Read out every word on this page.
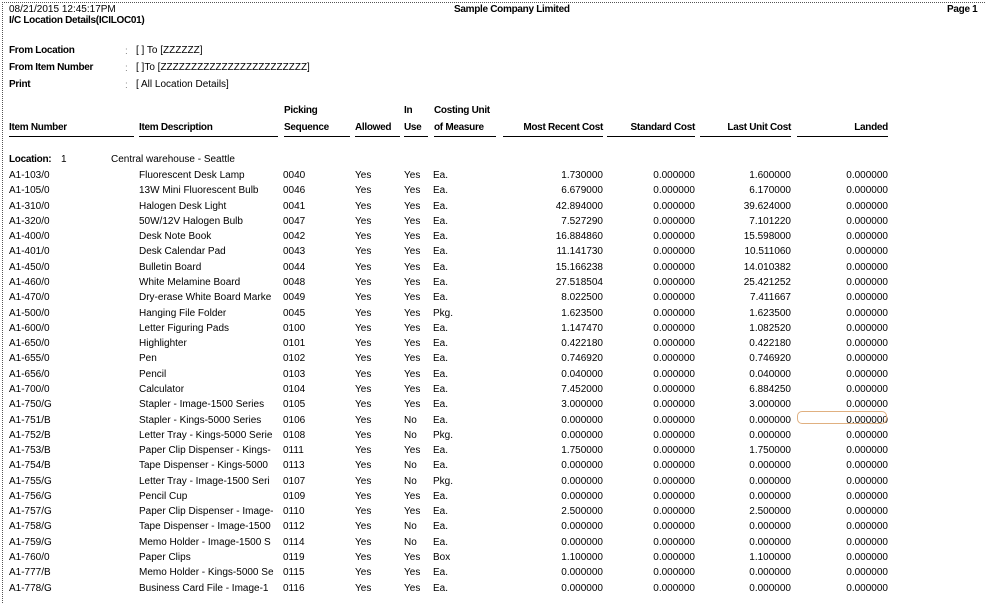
08/21/2015 12:45:17PM
I/C Location Details(ICILOC01)
Sample Company Limited	Page 1
From Location	: [ ] To [ZZZZZZ]
From Item Number	: [ ]To [ZZZZZZZZZZZZZZZZZZZZZZZZ]
Print	: [ All Location Details]
Item Number	Item Description
Picking
Sequence	Allowed
In
Use
Costing Unit
of Measure	Most Recent Cost	Standard Cost	Last Unit Cost	Landed
Location: 1	Central warehouse - Seattle
A1-103/0	Fluorescent Desk Lamp	0040	Yes	Yes	Ea.	1.730000	0.000000	1.600000	0.000000
A1-105/0	13W Mini Fluorescent Bulb	0046	Yes	Yes	Ea.	6.679000	0.000000	6.170000	0.000000
A1-310/0	Halogen Desk Light	0041	Yes	Yes	Ea.	42.894000	0.000000	39.624000	0.000000
A1-320/0	50W/12V Halogen Bulb	0047	Yes	Yes	Ea.	7.527290	0.000000	7.101220	0.000000
A1-400/0	Desk Note Book	0042	Yes	Yes	Ea.	16.884860	0.000000	15.598000	0.000000
A1-401/0	Desk Calendar Pad	0043	Yes	Yes	Ea.	11.141730	0.000000	10.511060	0.000000
A1-450/0	Bulletin Board	0044	Yes	Yes	Ea.	15.166238	0.000000	14.010382	0.000000
A1-460/0	White Melamine Board	0048	Yes	Yes	Ea.	27.518504	0.000000	25.421252	0.000000
A1-470/0	Dry-erase White Board Marke	0049	Yes	Yes	Ea.	8.022500	0.000000	7.411667	0.000000
A1-500/0	Hanging File Folder	0045	Yes	Yes	Pkg.	1.623500	0.000000	1.623500	0.000000
A1-600/0	Letter Figuring Pads	0100	Yes	Yes	Ea.	1.147470	0.000000	1.082520	0.000000
A1-650/0	Highlighter	0101	Yes	Yes	Ea.	0.422180	0.000000	0.422180	0.000000
A1-655/0	Pen	0102	Yes	Yes	Ea.	0.746920	0.000000	0.746920	0.000000
A1-656/0	Pencil	0103	Yes	Yes	Ea.	0.040000	0.000000	0.040000	0.000000
A1-700/0	Calculator	0104	Yes	Yes	Ea.	7.452000	0.000000	6.884250	0.000000
A1-750/G	Stapler - Image-1500 Series	0105	Yes	Yes	Ea.	3.000000	0.000000	3.000000	0.000000
A1-751/B	Stapler - Kings-5000 Series	0106	Yes	No	Ea.	0.000000	0.000000	0.000000	0.000000
A1-752/B	Letter Tray - Kings-5000 Serie	0108	Yes	No	Pkg.	0.000000	0.000000	0.000000	0.000000
A1-753/B	Paper Clip Dispenser - Kings-	0111	Yes	Yes	Ea.	1.750000	0.000000	1.750000	0.000000
A1-754/B	Tape Dispenser - Kings-5000	0113	Yes	No	Ea.	0.000000	0.000000	0.000000	0.000000
A1-755/G	Letter Tray - Image-1500 Seri	0107	Yes	No	Pkg.	0.000000	0.000000	0.000000	0.000000
A1-756/G	Pencil Cup	0109	Yes	Yes	Ea.	0.000000	0.000000	0.000000	0.000000
A1-757/G	Paper Clip Dispenser - Image- 0110	Yes	Yes	Ea.	2.500000	0.000000	2.500000	0.000000
A1-758/G	Tape Dispenser - Image-1500	0112	Yes	No	Ea.	0.000000	0.000000	0.000000	0.000000
A1-759/G	Memo Holder - Image-1500 S	0114	Yes	No	Ea.	0.000000	0.000000	0.000000	0.000000
A1-760/0	Paper Clips	0119	Yes	Yes	Box	1.100000	0.000000	1.100000	0.000000
A1-777/B	Memo Holder - Kings-5000 Se 0115	Yes	Yes	Ea.	0.000000	0.000000	0.000000	0.000000
A1-778/G	Business Card File - Image-1	0116	Yes	Yes	Ea.	0.000000	0.000000	0.000000	0.000000
